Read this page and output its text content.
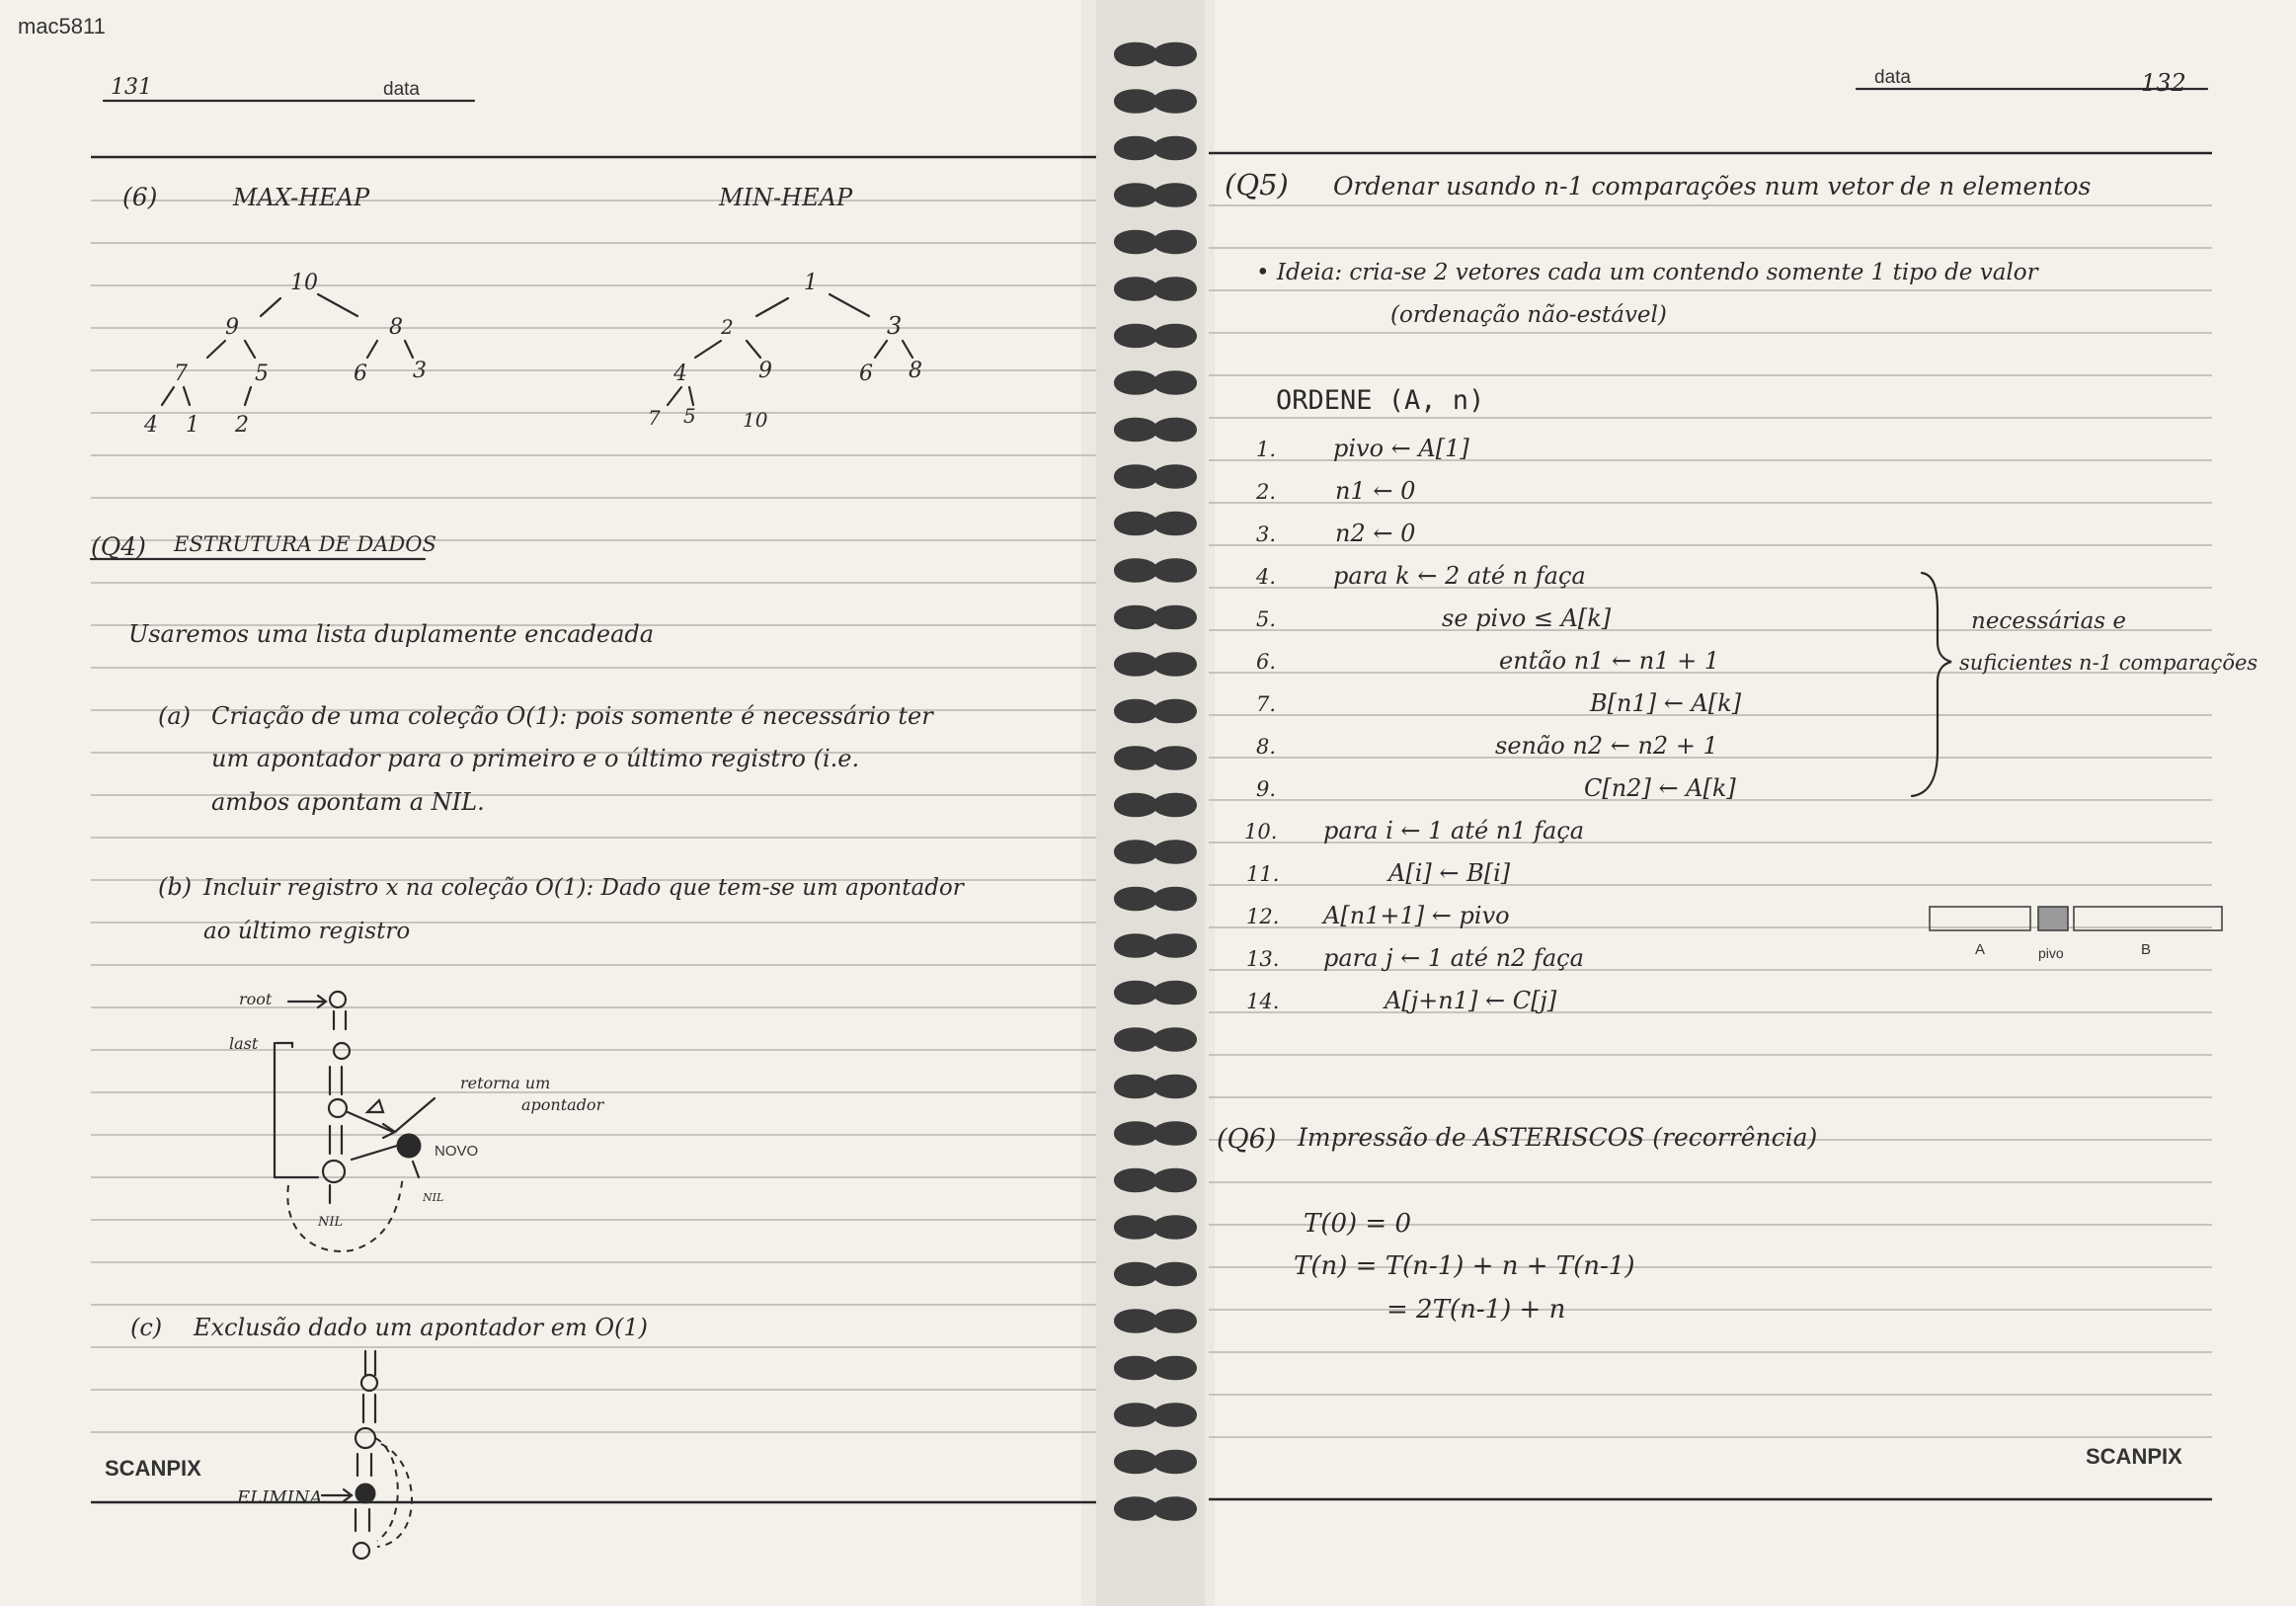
mac5811
131	data
(6)	MAX-HEAP	MIN-HEAP
10
9	8
7	5	6 3
4 1 2
1
2	3
4	9	6 8
7 5 10
(Q4) ESTRUTURA DE DADOS
Usaremos uma lista duplamente encadeada
(a) Criação de uma coleção O(1): pois somente é necessário ter
um apontador para o primeiro e o último registro (i.e.
ambos apontam a NIL.
(b) Incluir registro x na coleção O(1): Dado que tem-se um apontador
ao último registro
root
last
NIL
retorna um
apontador
NOVO
NIL
(c) Exclusão dado um apontador em O(1)
ELIMINA
SCANPIX
data	132
(Q5) Ordenar usando n-1 comparações num vetor de n elementos
• Ideia: cria-se 2 vetores cada um contendo somente 1 tipo de valor
(ordenação não-estável)
ORDENE (A, n)
1. pivo ← A[1]
2. n1 ← 0
3. n2 ← 0
4. para k ← 2 até n faça
5.	se pivo ≤ A[k]
6.	então n1 ← n1 + 1
7.	B[n1] ← A[k]
8.	senão n2 ← n2 + 1
9.	C[n2] ← A[k]
10. para i ← 1 até n1 faça
11.	A[i] ← B[i]
12. A[n1+1] ← pivo
13. para j ← 1 até n2 faça
14.	A[j+n1] ← C[j]
necessárias e
suficientes n-1 comparações
A	pivo	B
(Q6) Impressão de ASTERISCOS (recorrência)
T(0) = 0
T(n) = T(n-1) + n + T(n-1)
= 2T(n-1) + n
SCANPIX
